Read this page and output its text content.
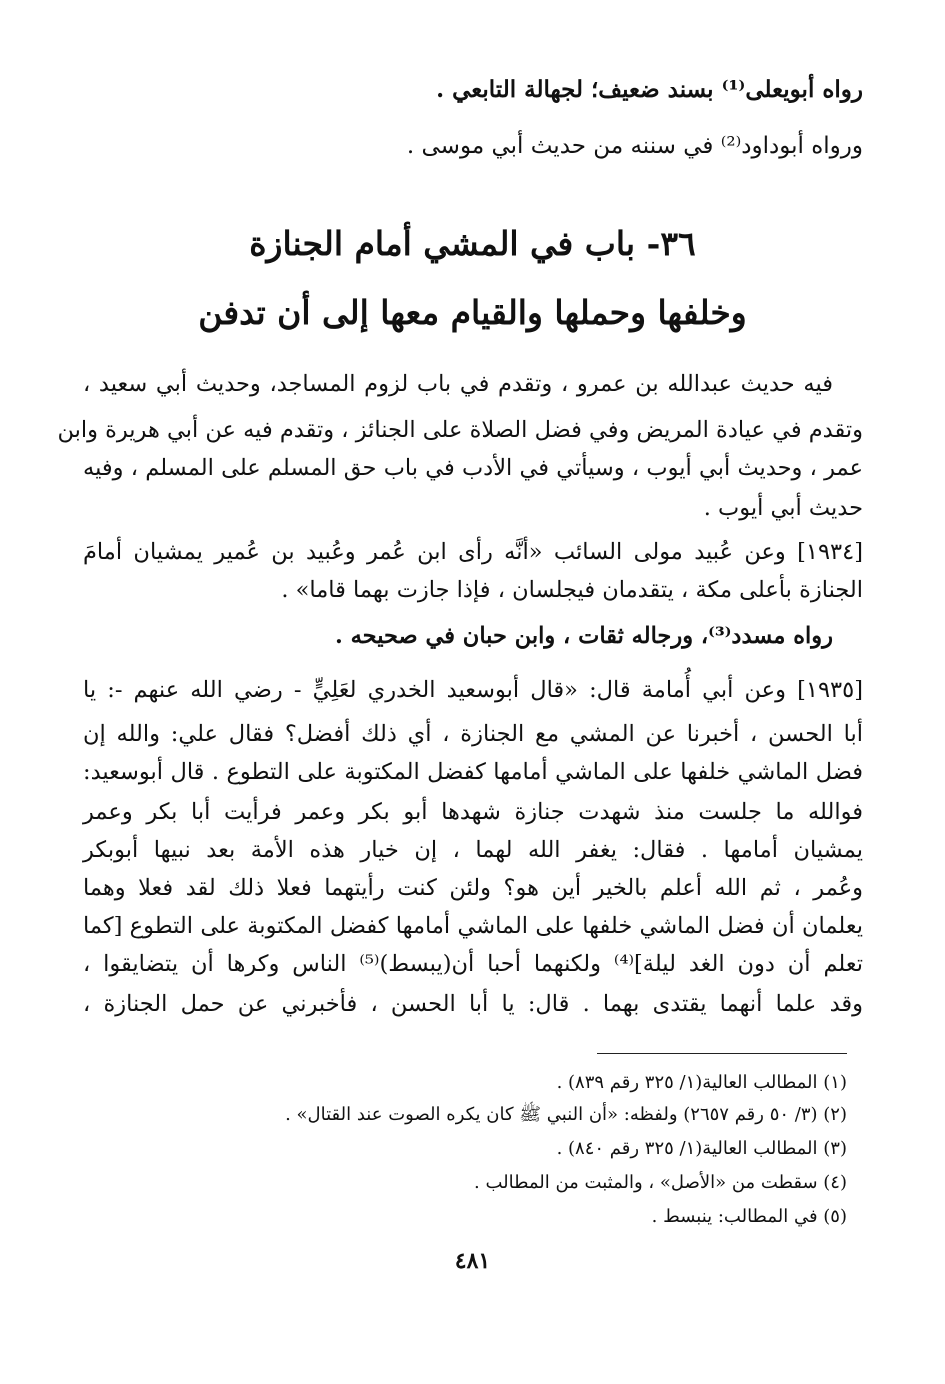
رواه أبويعلى⁽¹⁾ بسند ضعيف؛ لجهالة التابعي .
ورواه أبوداود⁽²⁾ في سننه من حديث أبي موسى .
٣٦- باب في المشي أمام الجنازة
وخلفها وحملها والقيام معها إلى أن تدفن
فيه حديث عبدالله بن عمرو ، وتقدم في باب لزوم المساجد، وحديث أبي سعيد ،
وتقدم في عيادة المريض وفي فضل الصلاة على الجنائز ، وتقدم فيه عن أبي هريرة وابن
عمر ، وحديث أبي أيوب ، وسيأتي في الأدب في باب حق المسلم على المسلم ، وفيه
حديث أبي أيوب .
[١٩٣٤] وعن عُبيد مولى السائب «أنَّه رأى ابن عُمر وعُبيد بن عُمير يمشيان أمامَ
الجنازة بأعلى مكة ، يتقدمان فيجلسان ، فإذا جازت بهما قاما» .
رواه مسدد⁽³⁾، ورجاله ثقات ، وابن حبان في صحيحه .
[١٩٣٥] وعن أبي أُمامة قال: «قال أبوسعيد الخدري لعَلِيٍّ - رضي الله عنهم -: يا
أبا الحسن ، أخبرنا عن المشي مع الجنازة ، أي ذلك أفضل؟ فقال علي: والله إن
فضل الماشي خلفها على الماشي أمامها كفضل المكتوبة على التطوع . قال أبوسعيد:
فوالله ما جلست منذ شهدت جنازة شهدها أبو بكر وعمر فرأيت أبا بكر وعمر
يمشيان أمامها . فقال: يغفر الله لهما ، إن خيار هذه الأمة بعد نبيها أبوبكر
وعُمر ، ثم الله أعلم بالخير أين هو؟ ولئن كنت رأيتهما فعلا ذلك لقد فعلا وهما
يعلمان أن فضل الماشي خلفها على الماشي أمامها كفضل المكتوبة على التطوع [كما
تعلم أن دون الغد ليلة]⁽⁴⁾ ولكنهما أحبا أن(يبسط)⁽⁵⁾ الناس وكرها أن يتضايقوا ،
وقد علما أنهما يقتدى بهما . قال: يا أبا الحسن ، فأخبرني عن حمل الجنازة ،
(١) المطالب العالية(١/ ٣٢٥ رقم ٨٣٩) .
(٢) (٣/ ٥٠ رقم ٢٦٥٧) ولفظه: «أن النبي ﷺ كان يكره الصوت عند القتال» .
(٣) المطالب العالية(١/ ٣٢٥ رقم ٨٤٠) .
(٤) سقطت من «الأصل» ، والمثبت من المطالب .
(٥) في المطالب: ينبسط .
٤٨١
